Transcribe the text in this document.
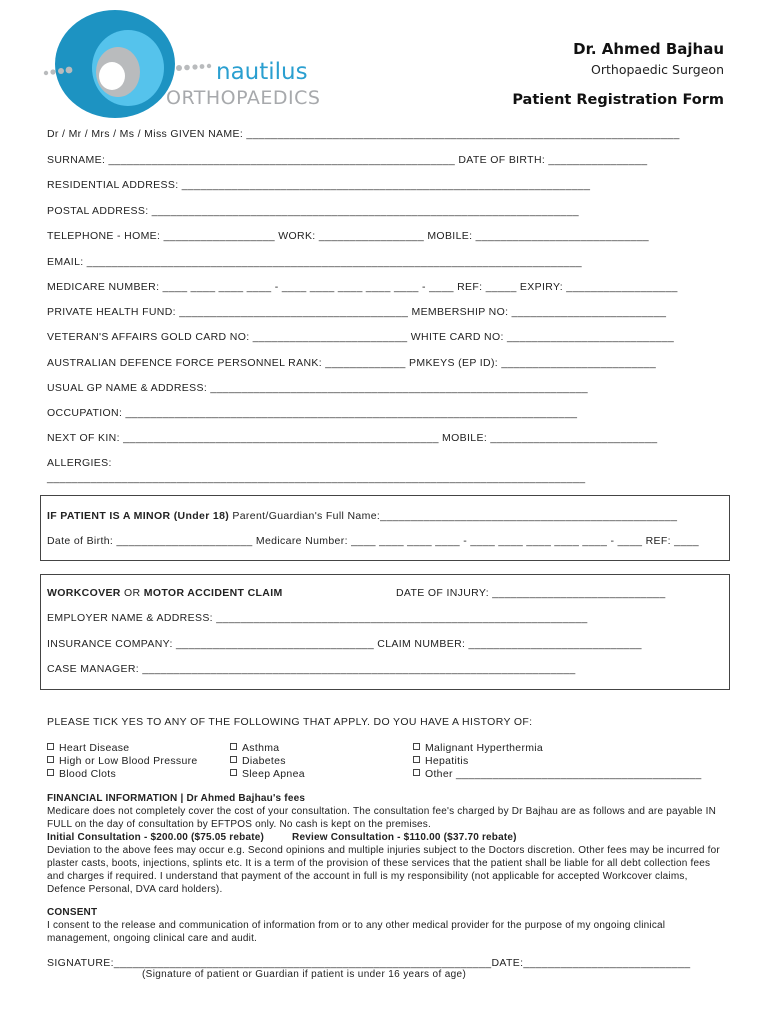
nautilus
ORTHOPAEDICS
Dr. Ahmed Bajhau
Orthopaedic Surgeon
Patient Registration Form
Dr / Mr / Mrs / Ms / Miss GIVEN NAME: ______________________________________________________________________
SURNAME: ________________________________________________________ DATE OF BIRTH: ________________
RESIDENTIAL ADDRESS: __________________________________________________________________
POSTAL ADDRESS: _____________________________________________________________________
TELEPHONE - HOME: __________________ WORK: _________________ MOBILE: ____________________________
EMAIL: ________________________________________________________________________________
MEDICARE NUMBER: ____ ____ ____ ____ - ____ ____ ____ ____ ____ - ____ REF: _____ EXPIRY: __________________
PRIVATE HEALTH FUND: _____________________________________ MEMBERSHIP NO: _________________________
VETERAN'S AFFAIRS GOLD CARD NO: _________________________ WHITE CARD NO: ___________________________
AUSTRALIAN DEFENCE FORCE PERSONNEL RANK: _____________ PMKEYS (EP ID): _________________________
USUAL GP NAME & ADDRESS: _____________________________________________________________
OCCUPATION: _________________________________________________________________________
NEXT OF KIN: ___________________________________________________ MOBILE: ___________________________
ALLERGIES:
_______________________________________________________________________________________
IF PATIENT IS A MINOR (Under 18) Parent/Guardian's Full Name:________________________________________________
Date of Birth: ______________________ Medicare Number: ____ ____ ____ ____ - ____ ____ ____ ____ ____ - ____ REF: ____
WORKCOVER OR MOTOR ACCIDENT CLAIM	DATE OF INJURY: ____________________________
EMPLOYER NAME & ADDRESS: ____________________________________________________________
INSURANCE COMPANY: ________________________________ CLAIM NUMBER: ____________________________
CASE MANAGER: ______________________________________________________________________
PLEASE TICK YES TO ANY OF THE FOLLOWING THAT APPLY. DO YOU HAVE A HISTORY OF:
Heart Disease
High or Low Blood Pressure
Blood Clots
Asthma
Diabetes
Sleep Apnea
Malignant Hyperthermia
Hepatitis
Other ________________________________________
FINANCIAL INFORMATION | Dr Ahmed Bajhau's fees
Medicare does not completely cover the cost of your consultation. The consultation fee's charged by Dr Bajhau are as follows and are payable IN FULL on the day of consultation by EFTPOS only. No cash is kept on the premises.
Initial Consultation - $200.00 ($75.05 rebate)	Review Consultation - $110.00 ($37.70 rebate)
Deviation to the above fees may occur e.g. Second opinions and multiple injuries subject to the Doctors discretion. Other fees may be incurred for plaster casts, boots, injections, splints etc. It is a term of the provision of these services that the patient shall be liable for all debt collection fees and charges if required. I understand that payment of the account in full is my responsibility (not applicable for accepted Workcover claims, Defence Personal, DVA card holders).
CONSENT
I consent to the release and communication of information from or to any other medical provider for the purpose of my ongoing clinical management, ongoing clinical care and audit.
SIGNATURE:_____________________________________________________________DATE:___________________________
(Signature of patient or Guardian if patient is under 16 years of age)
